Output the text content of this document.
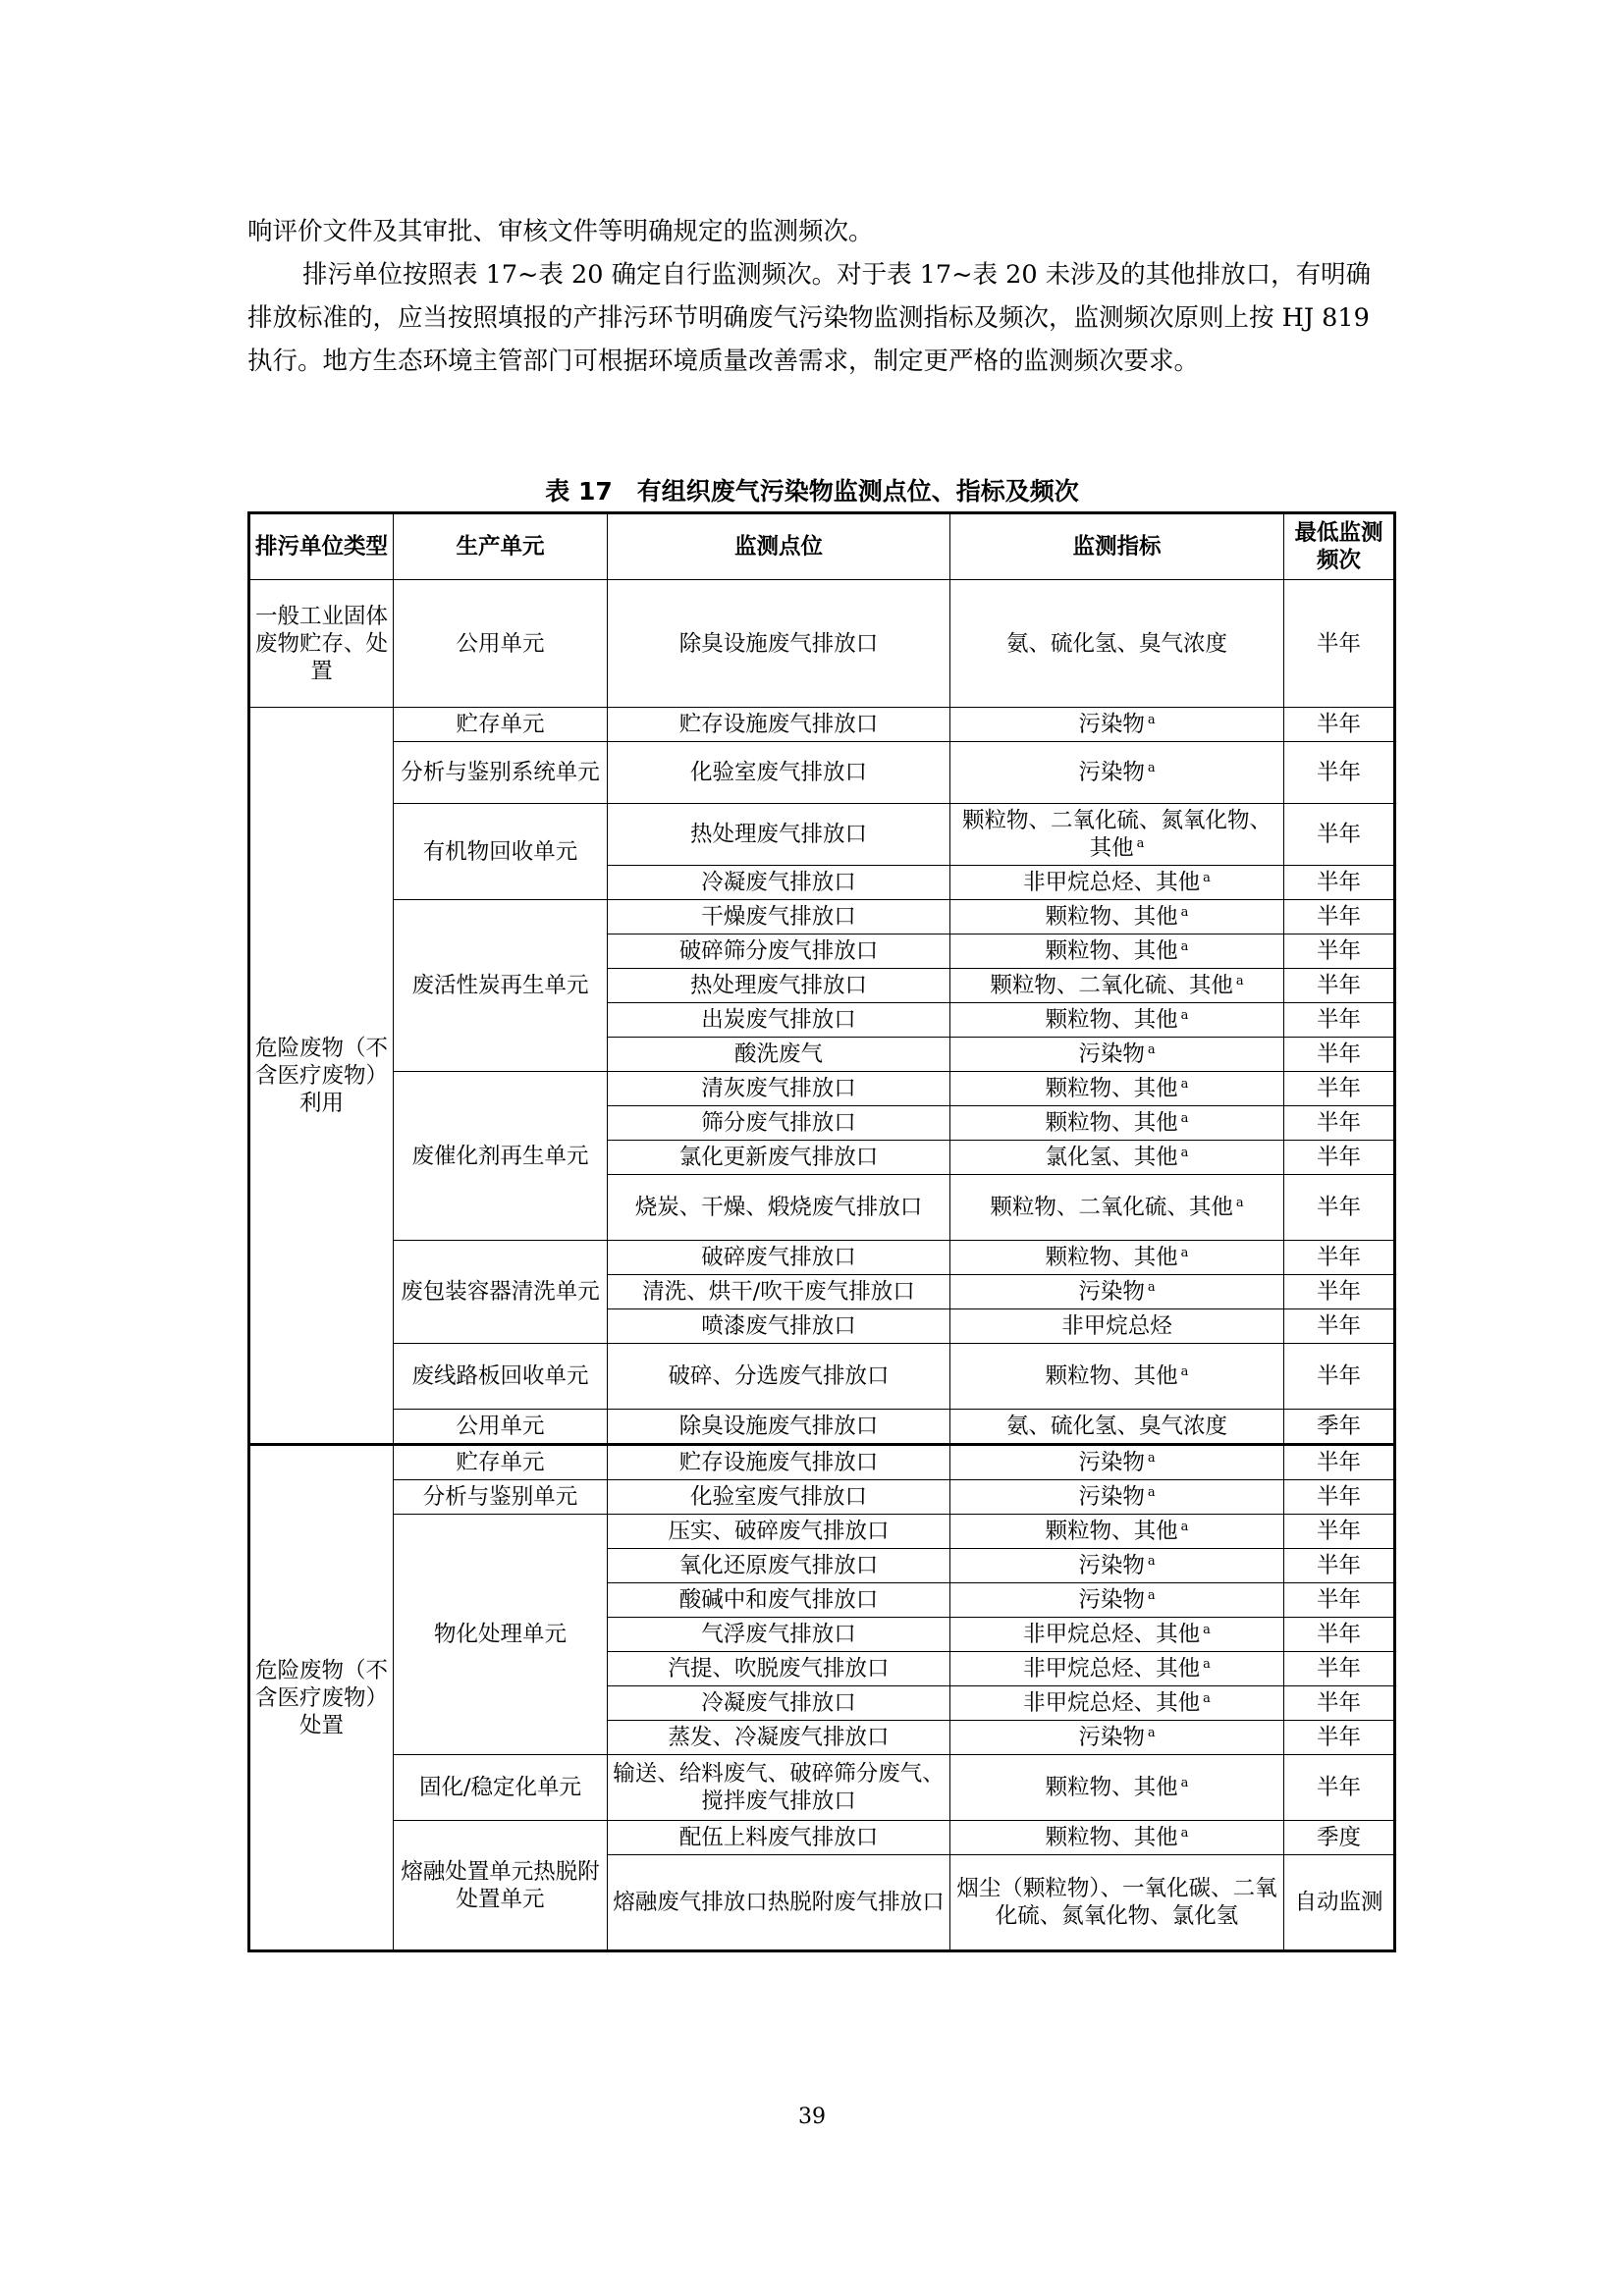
响评价文件及其审批、审核文件等明确规定的监测频次。

排污单位按照表 17~表 20 确定自行监测频次。对于表 17~表 20 未涉及的其他排放口，有明确排放标准的，应当按照填报的产排污环节明确废气污染物监测指标及频次，监测频次原则上按 HJ 819 执行。地方生态环境主管部门可根据环境质量改善需求，制定更严格的监测频次要求。

表 17　有组织废气污染物监测点位、指标及频次
排污单位类型	生产单元	监测点位	监测指标	最低监测频次
一般工业固体废物贮存、处置	公用单元	除臭设施废气排放口	氨、硫化氢、臭气浓度	半年
危险废物（不含医疗废物）利用	贮存单元	贮存设施废气排放口	污染物 $^a$	半年
	分析与鉴别系统单元	化验室废气排放口	污染物 $^a$	半年
	有机物回收单元	热处理废气排放口	颗粒物、二氧化硫、氮氧化物、其他 $^a$	半年
		冷凝废气排放口	非甲烷总烃、其他 $^a$	半年
	废活性炭再生单元	干燥废气排放口	颗粒物、其他 $^a$	半年
		破碎筛分废气排放口	颗粒物、其他 $^a$	半年
		热处理废气排放口	颗粒物、二氧化硫、其他 $^a$	半年
		出炭废气排放口	颗粒物、其他 $^a$	半年
		酸洗废气	污染物 $^a$	半年
	废催化剂再生单元	清灰废气排放口	颗粒物、其他 $^a$	半年
		筛分废气排放口	颗粒物、其他 $^a$	半年
		氯化更新废气排放口	氯化氢、其他 $^a$	半年
		烧炭、干燥、煅烧废气排放口	颗粒物、二氧化硫、其他 $^a$	半年
	废包装容器清洗单元	破碎废气排放口	颗粒物、其他 $^a$	半年
		清洗、烘干/吹干废气排放口	污染物 $^a$	半年
		喷漆废气排放口	非甲烷总烃	半年
	废线路板回收单元	破碎、分选废气排放口	颗粒物、其他 $^a$	半年
	公用单元	除臭设施废气排放口	氨、硫化氢、臭气浓度	季年
危险废物（不含医疗废物）处置	贮存单元	贮存设施废气排放口	污染物 $^a$	半年
	分析与鉴别单元	化验室废气排放口	污染物 $^a$	半年
	物化处理单元	压实、破碎废气排放口	颗粒物、其他 $^a$	半年
		氧化还原废气排放口	污染物 $^a$	半年
		酸碱中和废气排放口	污染物 $^a$	半年
		气浮废气排放口	非甲烷总烃、其他 $^a$	半年
		汽提、吹脱废气排放口	非甲烷总烃、其他 $^a$	半年
		冷凝废气排放口	非甲烷总烃、其他 $^a$	半年
		蒸发、冷凝废气排放口	污染物 $^a$	半年
	固化/稳定化单元	输送、给料废气、破碎筛分废气、搅拌废气排放口	颗粒物、其他 $^a$	半年
	熔融处置单元热脱附处置单元	配伍上料废气排放口	颗粒物、其他 $^a$	季度
		熔融废气排放口热脱附废气排放口	烟尘（颗粒物）、一氧化碳、二氧化硫、氮氧化物、氯化氢	自动监测
39
